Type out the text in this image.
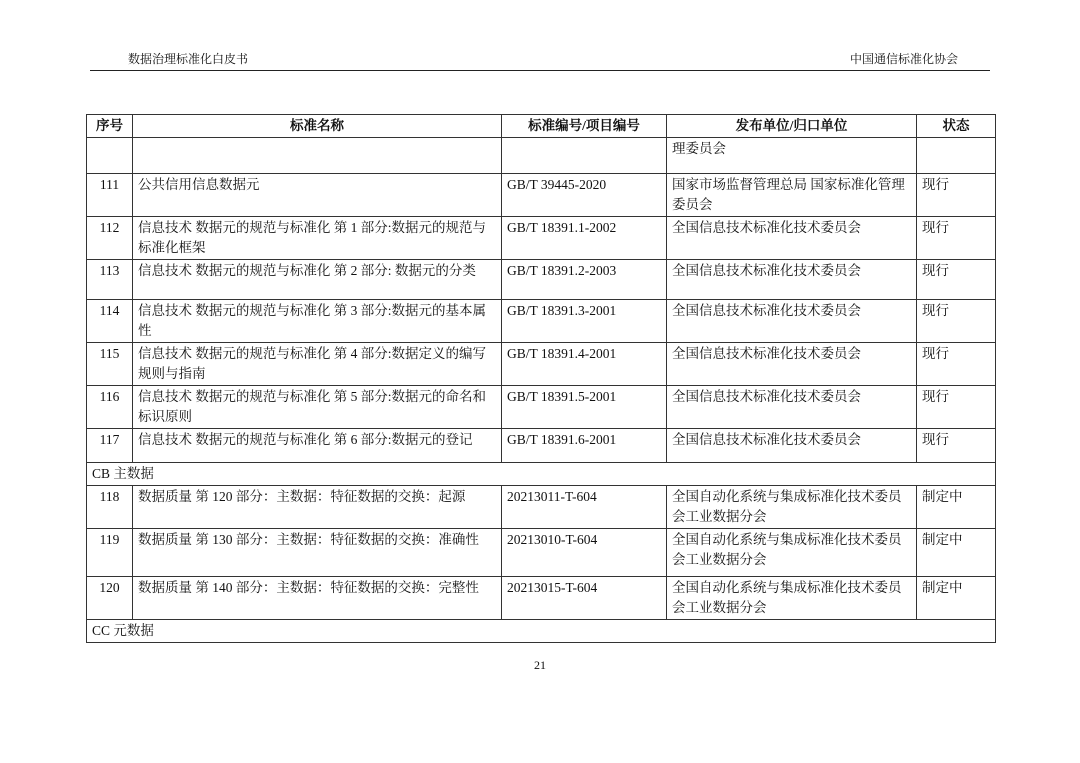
数据治理标准化白皮书	中国通信标准化协会
序号	标准名称	标准编号/项目编号	发布单位/归口单位	状态
			理委员会	
111	公共信用信息数据元	GB/T 39445-2020	国家市场监督管理总局 国家标准化管理委员会	现行
112	信息技术 数据元的规范与标准化 第 1 部分:数据元的规范与标准化框架	GB/T 18391.1-2002	全国信息技术标准化技术委员会	现行
113	信息技术 数据元的规范与标准化 第 2 部分: 数据元的分类	GB/T 18391.2-2003	全国信息技术标准化技术委员会	现行
114	信息技术 数据元的规范与标准化 第 3 部分:数据元的基本属性	GB/T 18391.3-2001	全国信息技术标准化技术委员会	现行
115	信息技术 数据元的规范与标准化 第 4 部分:数据定义的编写规则与指南	GB/T 18391.4-2001	全国信息技术标准化技术委员会	现行
116	信息技术 数据元的规范与标准化 第 5 部分:数据元的命名和标识原则	GB/T 18391.5-2001	全国信息技术标准化技术委员会	现行
117	信息技术 数据元的规范与标准化 第 6 部分:数据元的登记	GB/T 18391.6-2001	全国信息技术标准化技术委员会	现行
CB 主数据				
118	数据质量 第 120 部分：主数据：特征数据的交换：起源	20213011-T-604	全国自动化系统与集成标准化技术委员会工业数据分会	制定中
119	数据质量 第 130 部分：主数据：特征数据的交换：准确性	20213010-T-604	全国自动化系统与集成标准化技术委员会工业数据分会	制定中
120	数据质量 第 140 部分：主数据：特征数据的交换：完整性	20213015-T-604	全国自动化系统与集成标准化技术委员会工业数据分会	制定中
CC 元数据				
21
